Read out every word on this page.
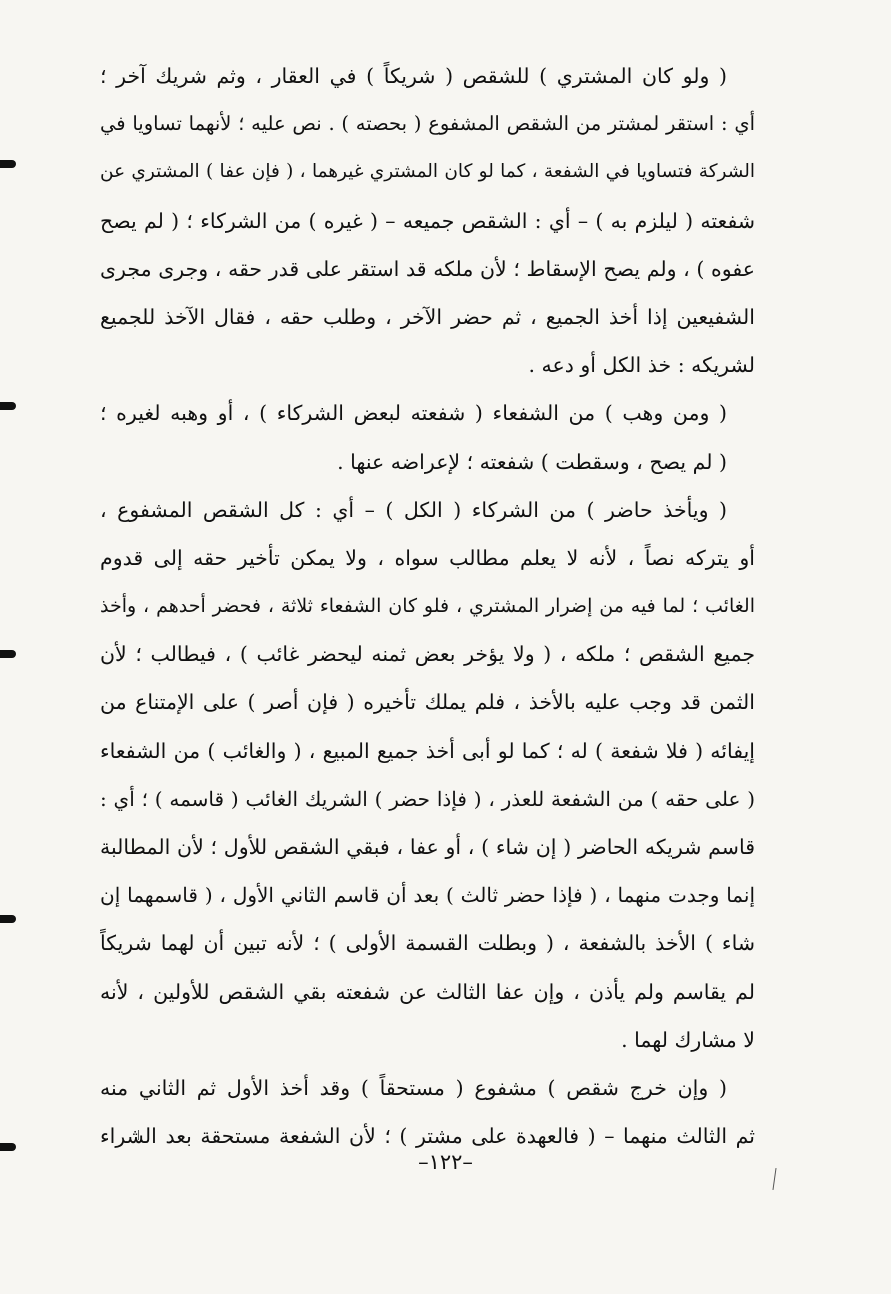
( ولو كان المشتري ) للشقص ( شريكاً ) في العقار ، وثم شريك آخر ؛
أي : استقر لمشتر من الشقص المشفوع ( بحصته ) . نص عليه ؛ لأنهما تساويا في
الشركة فتساويا في الشفعة ، كما لو كان المشتري غيرهما ، ( فإن عفا ) المشتري عن
شفعته ( ليلزم به ) – أي : الشقص جميعه – ( غيره ) من الشركاء ؛ ( لم يصح
عفوه ) ، ولم يصح الإسقاط ؛ لأن ملكه قد استقر على قدر حقه ، وجرى مجرى
الشفيعين إذا أخذ الجميع ، ثم حضر الآخر ، وطلب حقه ، فقال الآخذ للجميع
لشريكه : خذ الكل أو دعه .
( ومن وهب ) من الشفعاء ( شفعته لبعض الشركاء ) ، أو وهبه لغيره ؛
( لم يصح ، وسقطت ) شفعته ؛ لإعراضه عنها .
( ويأخذ حاضر ) من الشركاء ( الكل ) – أي : كل الشقص المشفوع ،
أو يتركه نصاً ، لأنه لا يعلم مطالب سواه ، ولا يمكن تأخير حقه إلى قدوم
الغائب ؛ لما فيه من إضرار المشتري ، فلو كان الشفعاء ثلاثة ، فحضر أحدهم ، وأخذ
جميع الشقص ؛ ملكه ، ( ولا يؤخر بعض ثمنه ليحضر غائب ) ، فيطالب ؛ لأن
الثمن قد وجب عليه بالأخذ ، فلم يملك تأخيره ( فإن أصر ) على الإمتناع من
إيفائه ( فلا شفعة ) له ؛ كما لو أبى أخذ جميع المبيع ، ( والغائب ) من الشفعاء
( على حقه ) من الشفعة للعذر ، ( فإذا حضر ) الشريك الغائب ( قاسمه ) ؛ أي :
قاسم شريكه الحاضر ( إن شاء ) ، أو عفا ، فبقي الشقص للأول ؛ لأن المطالبة
إنما وجدت منهما ، ( فإذا حضر ثالث ) بعد أن قاسم الثاني الأول ، ( قاسمهما إن
شاء ) الأخذ بالشفعة ، ( وبطلت القسمة الأولى ) ؛ لأنه تبين أن لهما شريكاً
لم يقاسم ولم يأذن ، وإن عفا الثالث عن شفعته بقي الشقص للأولين ، لأنه
لا مشارك لهما .
( وإن خرج شقص ) مشفوع ( مستحقاً ) وقد أخذ الأول ثم الثاني منه
ثم الثالث منهما – ( فالعهدة على مشتر ) ؛ لأن الشفعة مستحقة بعد الشراء
–١٢٢–
